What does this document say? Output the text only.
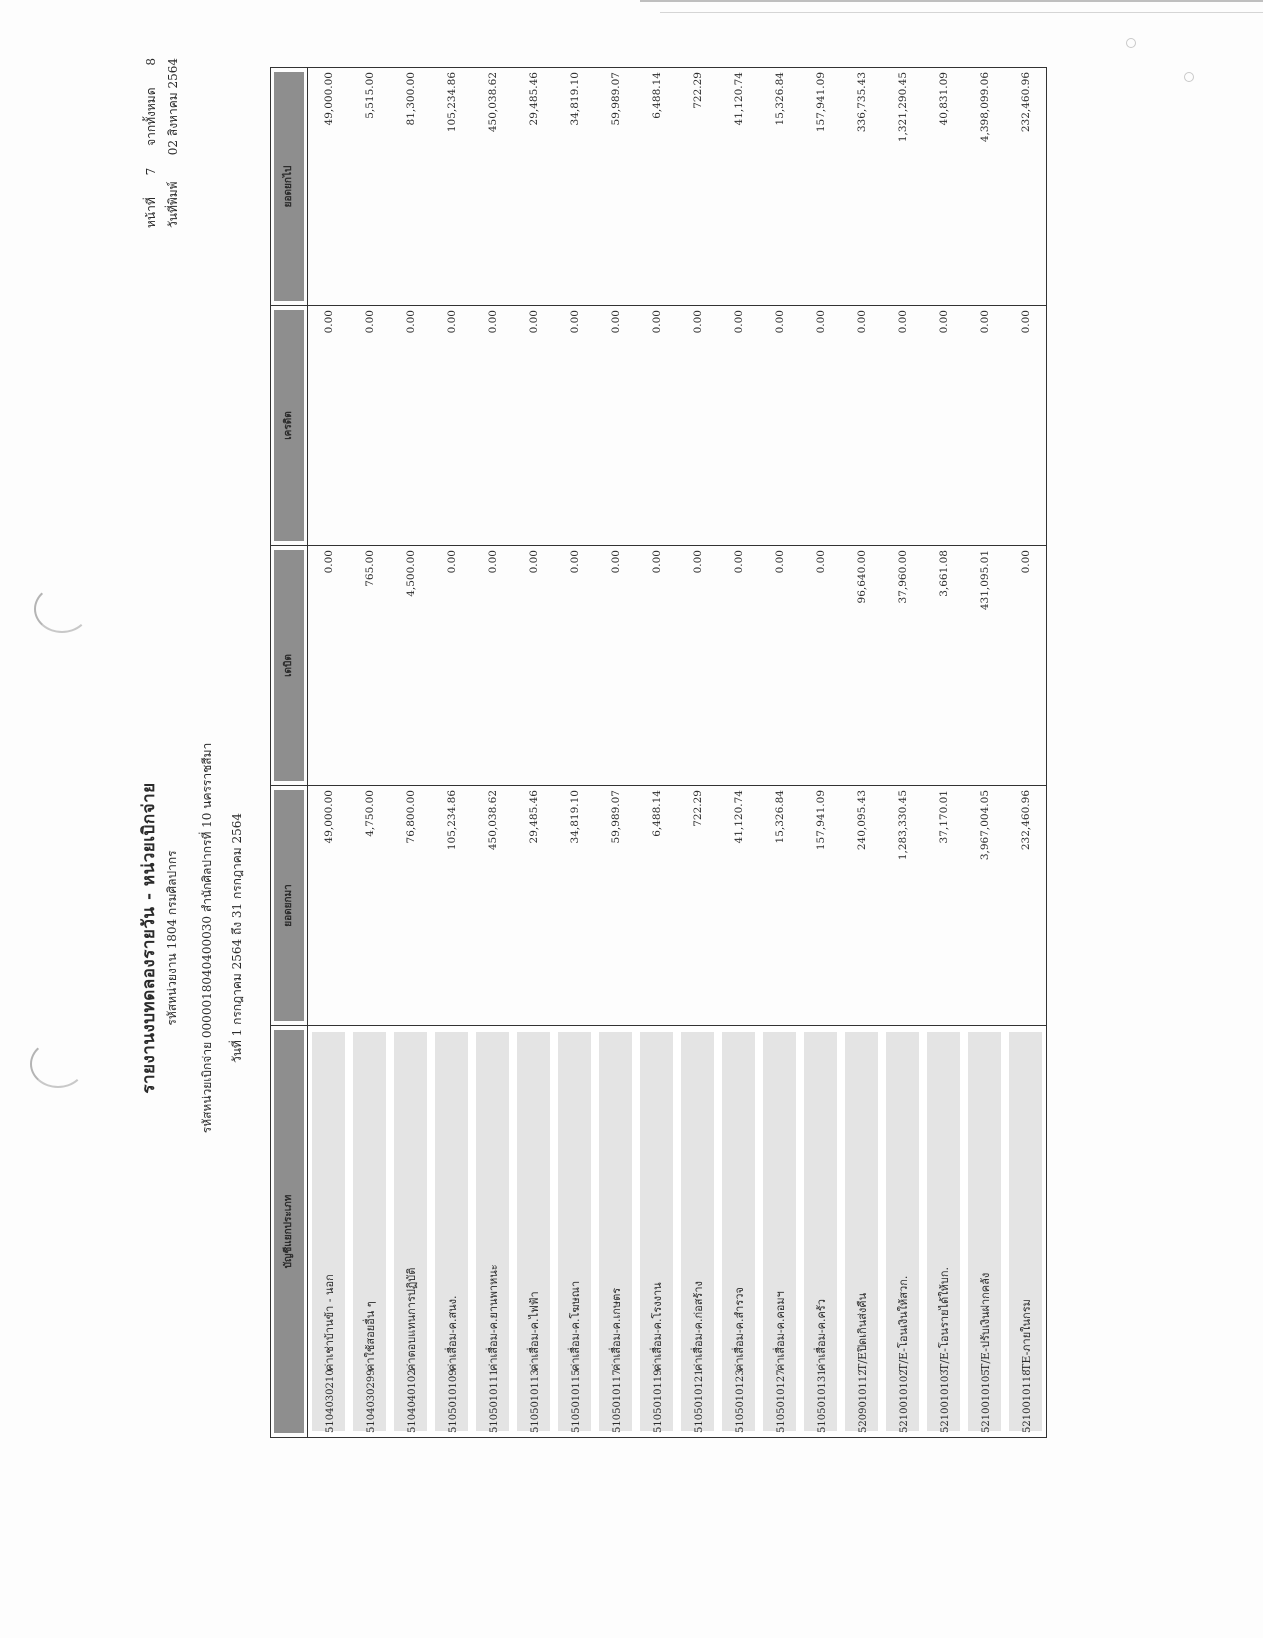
รายงานงบทดลองรายวัน - หน่วยเบิกจ่าย รหัสหน่วยงาน 1804 กรมศิลปากร รหัสหน่วยเบิกจ่าย 0000018040400030 สำนักศิลปากรที่ 10 นครราชสีมา วันที่ 1 กรกฎาคม 2564 ถึง 31 กรกฎาคม 2564
หน้าที่
7
จากทั้งหมด
8
วันที่พิมพ์
02 สิงหาคม 2564
บัญชีแยกประเภท	ยอดยกมา	เดบิต	เครดิต	ยอดยกไป

5104030210ค่าเช่าบ้านข้า - นอก	49,000.00	0.00	0.00	49,000.00
5104030299ค่าใช้สอยอื่น ๆ	4,750.00	765.00	0.00	5,515.00
5104040102ค่าตอบแทนการปฏิบัติ	76,800.00	4,500.00	0.00	81,300.00
5105010109ค่าเสื่อม-ค.สนง.	105,234.86	0.00	0.00	105,234.86
5105010111ค่าเสื่อม-ค.ยานพาหนะ	450,038.62	0.00	0.00	450,038.62
5105010113ค่าเสื่อม-ค.ไฟฟ้า	29,485.46	0.00	0.00	29,485.46
5105010115ค่าเสื่อม-ค.โฆษณา	34,819.10	0.00	0.00	34,819.10
5105010117ค่าเสื่อม-ค.เกษตร	59,989.07	0.00	0.00	59,989.07
5105010119ค่าเสื่อม-ค.โรงงาน	6,488.14	0.00	0.00	6,488.14
5105010121ค่าเสื่อม-ค.ก่อสร้าง	722.29	0.00	0.00	722.29
5105010123ค่าเสื่อม-ค.สำรวจ	41,120.74	0.00	0.00	41,120.74
5105010127ค่าเสื่อม-ค.คอมฯ	15,326.84	0.00	0.00	15,326.84
5105010131ค่าเสื่อม-ค.ครัว	157,941.09	0.00	0.00	157,941.09
5209010112T/Eปิดเกินส่งคืน	240,095.43	96,640.00	0.00	336,735.43
5210010102T/E-โอนเงินให้สวก.	1,283,330.45	37,960.00	0.00	1,321,290.45
5210010103T/E-โอนรายได้ให้บก.	37,170.01	3,661.08	0.00	40,831.09
5210010105T/E-ปรับเงินฝากคลัง	3,967,004.05	431,095.01	0.00	4,398,099.06
5210010118TE-ภายในกรม	232,460.96	0.00	0.00	232,460.96
